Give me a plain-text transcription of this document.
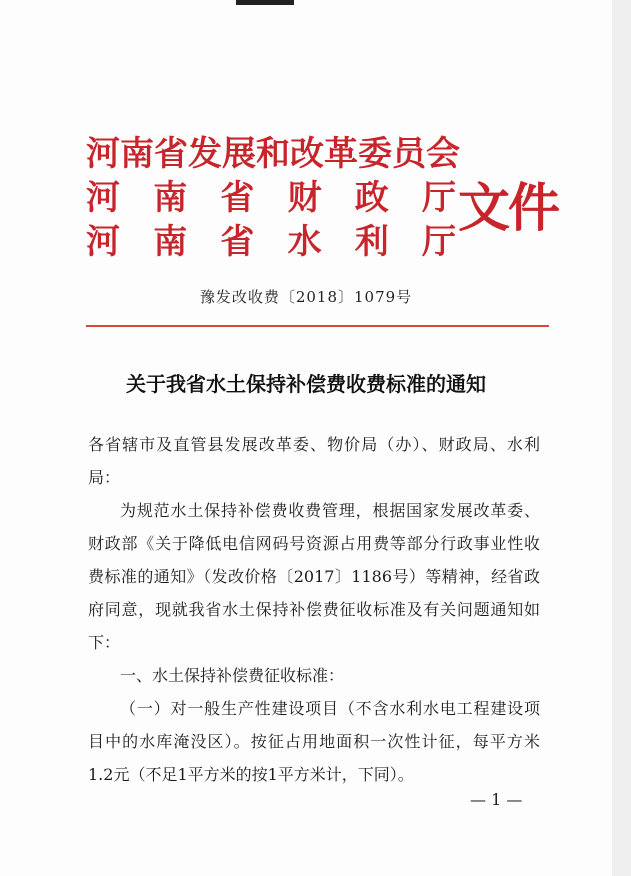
河南省发展和改革委员会
河 南 省 财 政 厅
河 南 省 水 利 厅
文件
豫发改收费〔2018〕1079号
关于我省水土保持补偿费收费标准的通知
各省辖市及直管县发展改革委、物价局（办）、财政局、水利
局：
为规范水土保持补偿费收费管理，根据国家发展改革委、
财政部《关于降低电信网码号资源占用费等部分行政事业性收
费标准的通知》（发改价格〔2017〕1186号）等精神，经省政
府同意，现就我省水土保持补偿费征收标准及有关问题通知如
下：
一、水土保持补偿费征收标准：
（一）对一般生产性建设项目（不含水利水电工程建设项
目中的水库淹没区）。按征占用地面积一次性计征，每平方米
1.2元（不足1平方米的按1平方米计，下同）。
— 1 —
